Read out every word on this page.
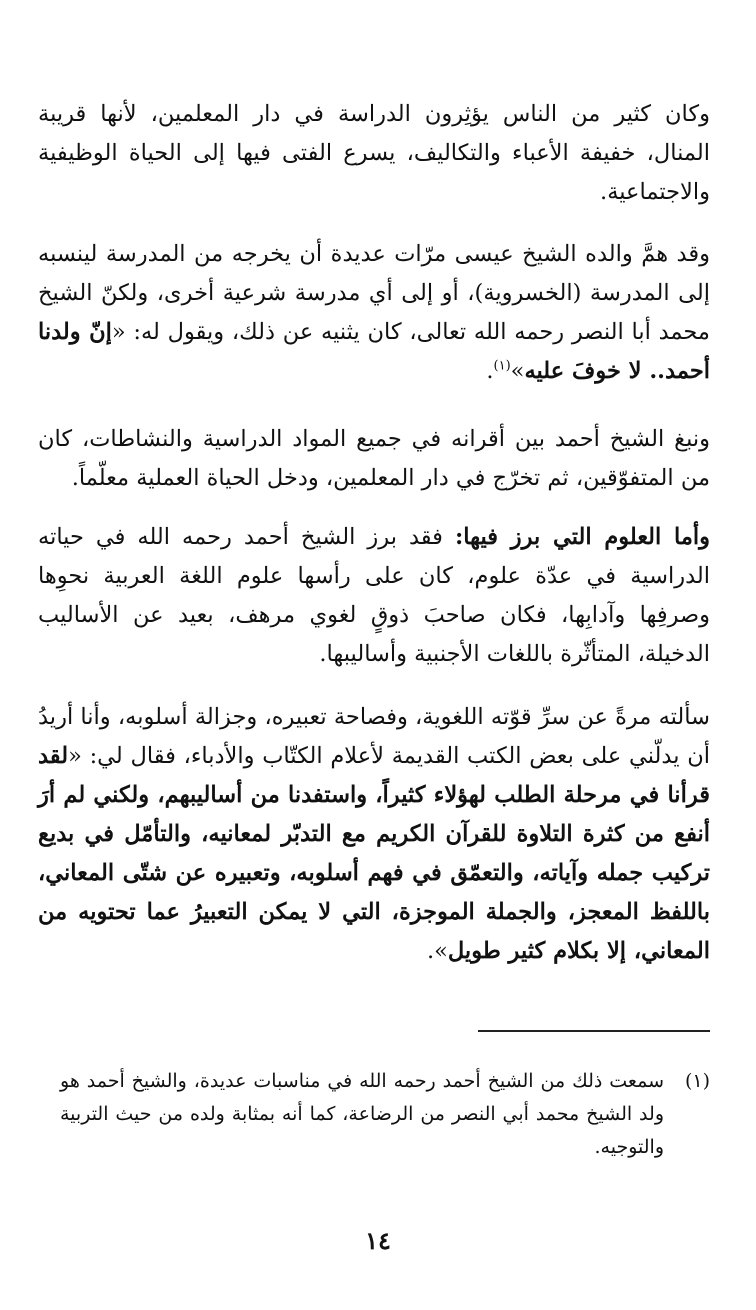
وكان كثير من الناس يؤثِرون الدراسة في دار المعلمين، لأنها قريبة المنال، خفيفة الأعباء والتكاليف، يسرع الفتى فيها إلى الحياة الوظيفية والاجتماعية.

وقد همَّ والده الشيخ عيسى مرّات عديدة أن يخرجه من المدرسة لينسبه إلى المدرسة (الخسروية)، أو إلى أي مدرسة شرعية أخرى، ولكنّ الشيخ محمد أبا النصر رحمه الله تعالى، كان يثنيه عن ذلك، ويقول له: «إنّ ولدنا أحمد.. لا خوفَ عليه»$^{(١)}$.

ونبغ الشيخ أحمد بين أقرانه في جميع المواد الدراسية والنشاطات، كان من المتفوّقين، ثم تخرّج في دار المعلمين، ودخل الحياة العملية معلّماً.

وأما العلوم التي برز فيها: فقد برز الشيخ أحمد رحمه الله في حياته الدراسية في عدّة علوم، كان على رأسها علوم اللغة العربية نحوِها وصرفِها وآدابِها، فكان صاحبَ ذوقٍ لغوي مرهف، بعيد عن الأساليب الدخيلة، المتأثّرة باللغات الأجنبية وأساليبها.

سألته مرةً عن سرِّ قوّته اللغوية، وفصاحة تعبيره، وجزالة أسلوبه، وأنا أريدُ أن يدلّني على بعض الكتب القديمة لأعلام الكتّاب والأدباء، فقال لي: «لقد قرأنا في مرحلة الطلب لهؤلاء كثيراً، واستفدنا من أساليبهم، ولكني لم أرَ أنفع من كثرة التلاوة للقرآن الكريم مع التدبّر لمعانيه، والتأمّل في بديع تركيب جمله وآياته، والتعمّق في فهم أسلوبه، وتعبيره عن شتّى المعاني، باللفظ المعجز، والجملة الموجزة، التي لا يمكن التعبيرُ عما تحتويه من المعاني، إلا بكلام كثير طويل».

(١)

سمعت ذلك من الشيخ أحمد رحمه الله في مناسبات عديدة، والشيخ أحمد هو ولد الشيخ محمد أبي النصر من الرضاعة، كما أنه بمثابة ولده من حيث التربية والتوجيه.

١٤
